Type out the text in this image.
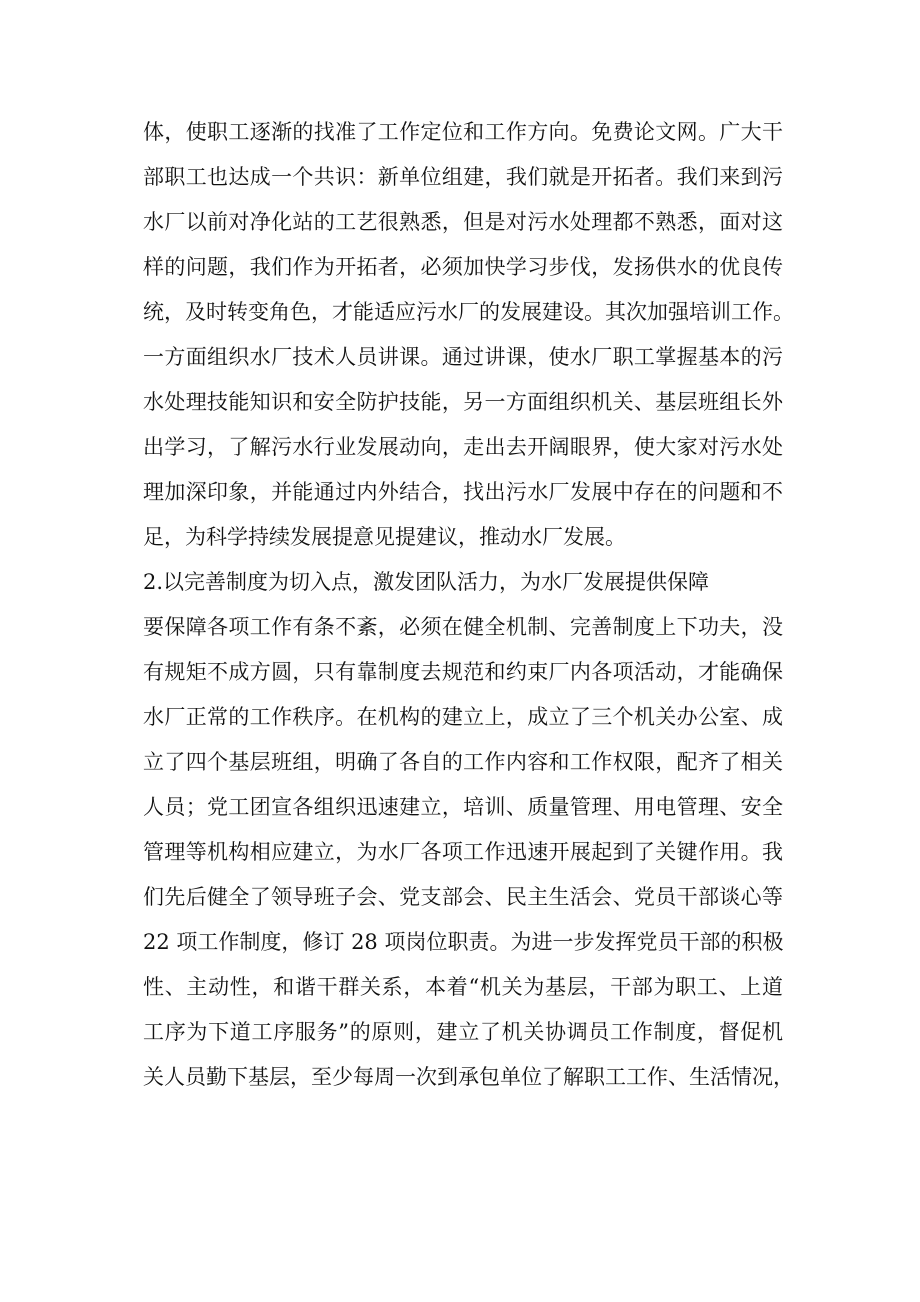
体，使职工逐渐的找准了工作定位和工作方向。免费论文网。广大干
部职工也达成一个共识：新单位组建，我们就是开拓者。我们来到污
水厂以前对净化站的工艺很熟悉，但是对污水处理都不熟悉，面对这
样的问题，我们作为开拓者，必须加快学习步伐，发扬供水的优良传
统，及时转变角色，才能适应污水厂的发展建设。其次加强培训工作。
一方面组织水厂技术人员讲课。通过讲课，使水厂职工掌握基本的污
水处理技能知识和安全防护技能，另一方面组织机关、基层班组长外
出学习，了解污水行业发展动向，走出去开阔眼界，使大家对污水处
理加深印象，并能通过内外结合，找出污水厂发展中存在的问题和不
足，为科学持续发展提意见提建议，推动水厂发展。
2.以完善制度为切入点，激发团队活力，为水厂发展提供保障
要保障各项工作有条不紊，必须在健全机制、完善制度上下功夫，没
有规矩不成方圆，只有靠制度去规范和约束厂内各项活动，才能确保
水厂正常的工作秩序。在机构的建立上，成立了三个机关办公室、成
立了四个基层班组，明确了各自的工作内容和工作权限，配齐了相关
人员；党工团宣各组织迅速建立，培训、质量管理、用电管理、安全
管理等机构相应建立，为水厂各项工作迅速开展起到了关键作用。我
们先后健全了领导班子会、党支部会、民主生活会、党员干部谈心等
22 项工作制度，修订 28 项岗位职责。为进一步发挥党员干部的积极
性、主动性，和谐干群关系，本着“机关为基层，干部为职工、上道
工序为下道工序服务”的原则，建立了机关协调员工作制度，督促机
关人员勤下基层，至少每周一次到承包单位了解职工工作、生活情况，
